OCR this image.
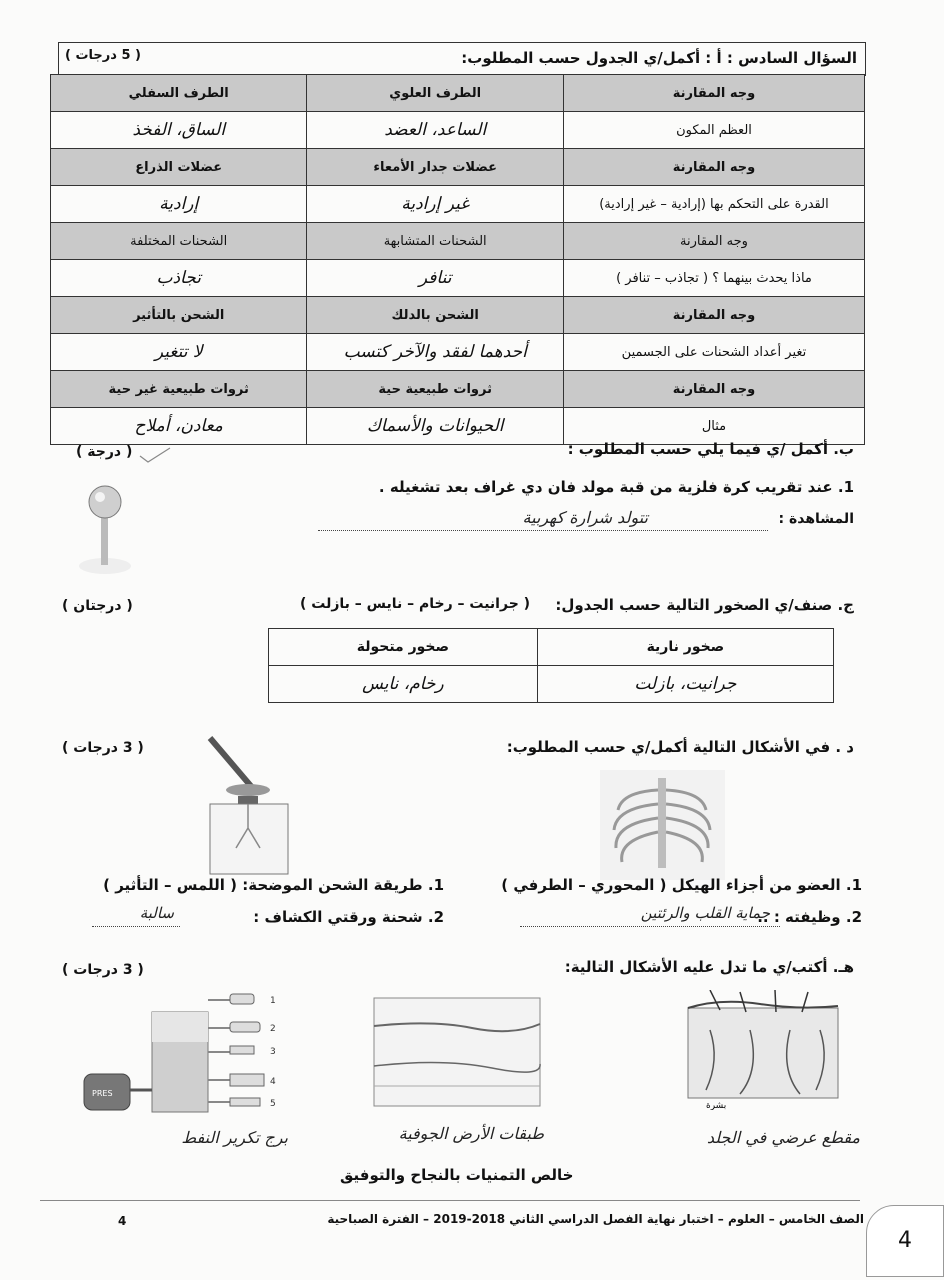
السؤال السادس : أ : أكمل/ي الجدول حسب المطلوب:
( 5 درجات )
وجه المقارنة	الطرف العلوي	الطرف السفلي
العظم المكون	الساعد، العضد	الساق، الفخذ
وجه المقارنة	عضلات جدار الأمعاء	عضلات الذراع
القدرة على التحكم بها (إرادية – غير إرادية)	غير إرادية	إرادية
وجه المقارنة	الشحنات المتشابهة	الشحنات المختلفة
ماذا يحدث بينهما ؟ ( تجاذب – تنافر )	تنافر	تجاذب
وجه المقارنة	الشحن بالدلك	الشحن بالتأثير
تغير أعداد الشحنات على الجسمين	أحدهما لفقد والآخر كتسب	لا تتغير
وجه المقارنة	ثروات طبيعية حية	ثروات طبيعية غير حية
مثال	الحيوانات والأسماك	معادن، أملاح
ب. أكمل /ي فيما يلي حسب المطلوب :
( درجة )
1. عند تقريب كرة فلزية من قبة مولد فان دي غراف بعد تشغيله .
المشاهدة :
تتولد شرارة كهربية
ج. صنف/ي الصخور التالية حسب الجدول:
( جرانيت – رخام – نايس – بازلت )
( درجتان )
صخور نارية	صخور متحولة
جرانيت، بازلت	رخام، نايس
د . في الأشكال التالية أكمل/ي حسب المطلوب:
( 3 درجات )
1. العضو من أجزاء الهيكل ( المحوري – الطرفي )
2. وظيفته : ..
حماية القلب والرئتين
1. طريقة الشحن الموضحة: ( اللمس – التأثير )
2. شحنة ورقتي الكشاف :
سالبة
هـ. أكتب/ي ما تدل عليه الأشكال التالية:
( 3 درجات )
بشرة
PRES
1
2
3
4
5
مقطع عرضي في الجلد
طبقات الأرض الجوفية
برج تكرير النفط
خالص التمنيات بالنجاح والتوفيق
الصف الخامس – العلوم – اختبار نهاية الفصل الدراسي الثاني 2018-2019 – الفترة الصباحية
4
4
